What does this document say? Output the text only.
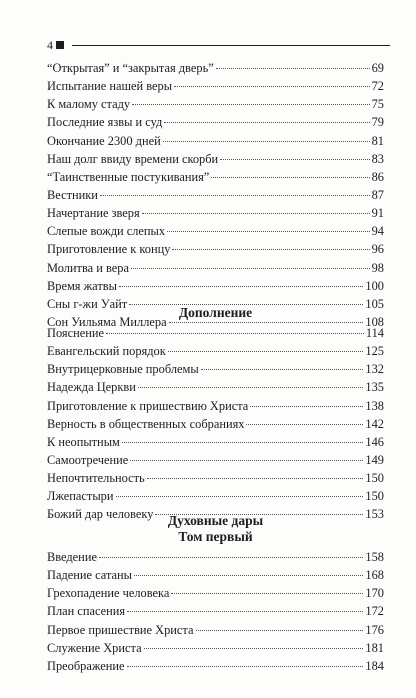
4
“Открытая” и “закрытая дверь”	69
Испытание нашей веры	72
К малому стаду	75
Последние язвы и суд	79
Окончание 2300 дней	81
Наш долг ввиду времени скорби	83
“Таинственные постукивания”	86
Вестники	87
Начертание зверя	91
Слепые вожди слепых	94
Приготовление к концу	96
Молитва и вера	98
Время жатвы	100
Сны г-жи Уайт	105
Сон Уильяма Миллера	108
Дополнение
Пояснение	114
Евангельский порядок	125
Внутрицерковные проблемы	132
Надежда Церкви	135
Приготовление к пришествию Христа	138
Верность в общественных собраниях	142
К неопытным	146
Самоотречение	149
Непочтительность	150
Лжепастыри	150
Божий дар человеку	153
Духовные дары
Том первый
Введение	158
Падение сатаны	168
Грехопадение человека	170
План спасения	172
Первое пришествие Христа	176
Служение Христа	181
Преображение	184
